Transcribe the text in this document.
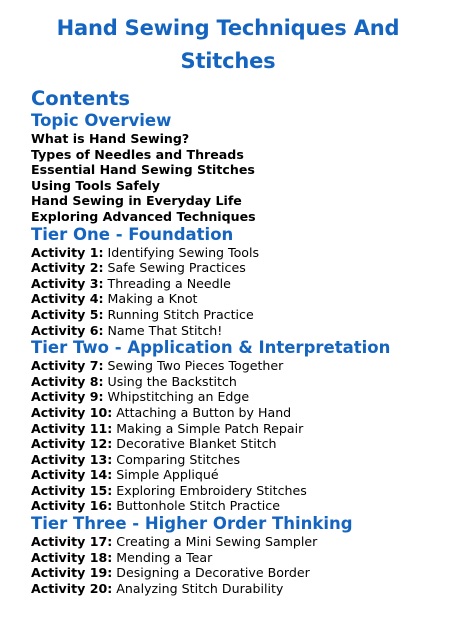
Hand Sewing Techniques And
Stitches
Contents
Topic Overview
What is Hand Sewing?
Types of Needles and Threads
Essential Hand Sewing Stitches
Using Tools Safely
Hand Sewing in Everyday Life
Exploring Advanced Techniques
Tier One - Foundation
Activity 1: Identifying Sewing Tools
Activity 2: Safe Sewing Practices
Activity 3: Threading a Needle
Activity 4: Making a Knot
Activity 5: Running Stitch Practice
Activity 6: Name That Stitch!
Tier Two - Application & Interpretation
Activity 7: Sewing Two Pieces Together
Activity 8: Using the Backstitch
Activity 9: Whipstitching an Edge
Activity 10: Attaching a Button by Hand
Activity 11: Making a Simple Patch Repair
Activity 12: Decorative Blanket Stitch
Activity 13: Comparing Stitches
Activity 14: Simple Appliqué
Activity 15: Exploring Embroidery Stitches
Activity 16: Buttonhole Stitch Practice
Tier Three - Higher Order Thinking
Activity 17: Creating a Mini Sewing Sampler
Activity 18: Mending a Tear
Activity 19: Designing a Decorative Border
Activity 20: Analyzing Stitch Durability
